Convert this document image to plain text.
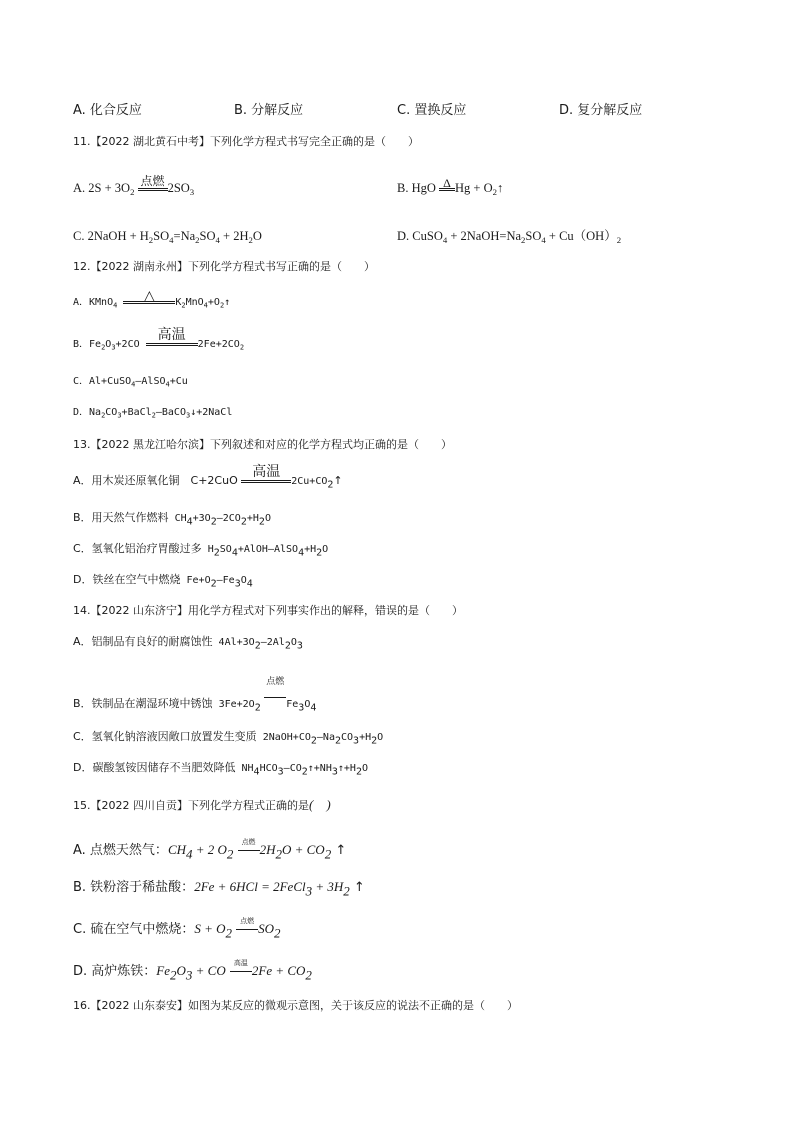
A. 化合反应	B. 分解反应	C. 置换反应	D. 复分解反应
11.【2022 湖北黄石中考】下列化学方程式书写完全正确的是（　　）
A. $2S + 3O_2$
点燃 $2SO_3$	B. HgO Δ $Hg + O_2↑$
C. 2NaOH + $H_2SO_4=Na_2SO_4 + 2H_2O$	D. CuSO$_4$ + $2NaOH=Na_2SO_4 + Cu(OH)_2$
12.【2022 湖南永州】下列化学方程式书写正确的是（　　）
A．KMnO$_4$
△	$K_2MnO_4+O_2↑$
B．$Fe_2O_3+2CO$
高温
$2Fe+2CO_2$
C．Al+CuSO$_4$—AlSO$_4$+Cu
D．$Na_2CO_3+BaCl_2—BaCO_3↓+2NaCl$
13.【2022 黑龙江哈尔滨】下列叙述和对应的化学方程式均正确的是（　　）
A．用木炭还原氧化铜　C+2CuO
高温
$2Cu+CO_2↑$
B．用天然气作燃料 $CH_4+3O_2—2CO_2+H_2O$
C．氢氧化铝治疗胃酸过多 $H_2SO_4+AlOH—AlSO_4+H_2O$
D．铁丝在空气中燃烧 $Fe+O_2—Fe_3O_4$
14.【2022 山东济宁】用化学方程式对下列事实作出的解释，错误的是（　　）
A．铝制品有良好的耐腐蚀性 $4Al+3O_2—2Al_2O_3$
B．铁制品在潮湿环境中锈蚀 $3Fe+2O_2$
点燃
$Fe_3O_4$
C．氢氧化钠溶液因敞口放置发生变质 $2NaOH+CO_2—Na_2CO_3+H_2O$
D．碳酸氢铵因储存不当肥效降低 $NH_4HCO_3—CO_2↑+NH_3↑+H_2O$
15.【2022 四川自贡】下列化学方程式正确的是(　)
A. 点燃天然气：$CH_4 + 2$ $O_2$
点燃 $2H_2O + CO_2$ ↑
B. 铁粉溶于稀盐酸：2Fe + 6HCl = 2FeCl$_3$ + $3H_2$ ↑
C. 硫在空气中燃烧：$S + O_2$
点燃 $SO_2$
D. 高炉炼铁：$Fe_2O_3$ + CO	高温 $2Fe + CO_2$
16.【2022 山东泰安】如图为某反应的微观示意图，关于该反应的说法不正确的是（　　）
